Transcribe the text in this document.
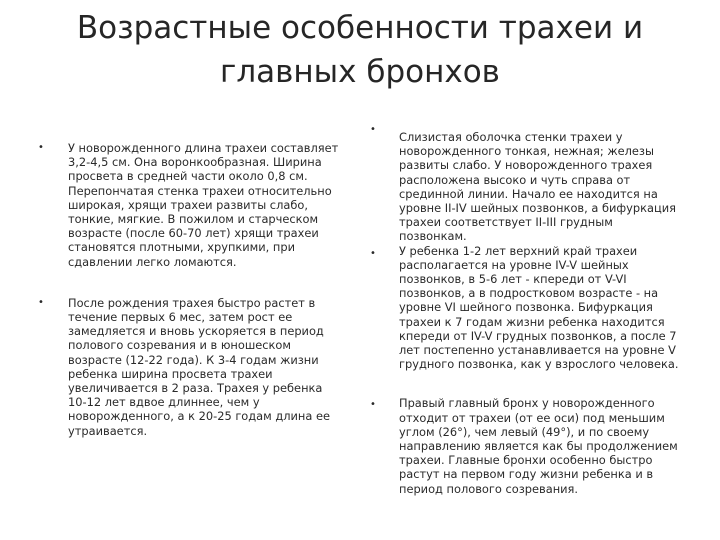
Возрастные особенности трахеи и
главных бронхов
• У новорожденного длина трахеи составляет 3,2-4,5 см. Она воронкообразная. Ширина просвета в средней части около 0,8 см. Перепончатая стенка трахеи относительно широкая, хрящи трахеи развиты слабо, тонкие, мягкие. В пожилом и старческом возрасте (после 60-70 лет) хрящи трахеи становятся плотными, хрупкими, при сдавлении легко ломаются.
• После рождения трахея быстро растет в течение первых 6 мес, затем рост ее замедляется и вновь ускоряется в период полового созревания и в юношеском возрасте (12-22 года). К 3-4 годам жизни ребенка ширина просвета трахеи увеличивается в 2 раза. Трахея у ребенка 10-12 лет вдвое длиннее, чем у новорожденного, а к 20-25 годам длина ее утраивается.
•
Слизистая оболочка стенки трахеи у новорожденного тонкая, нежная; железы развиты слабо. У новорожденного трахея расположена высоко и чуть справа от срединной линии. Начало ее находится на уровне II-IV шейных позвонков, а бифуркация трахеи соответствует II-III грудным позвонкам.
• У ребенка 1-2 лет верхний край трахеи располагается на уровне IV-V шейных позвонков, в 5-6 лет - кпереди от V-VI позвонков, а в подростковом возрасте - на уровне VI шейного позвонка. Бифуркация трахеи к 7 годам жизни ребенка находится кпереди от IV-V грудных позвонков, а после 7 лет постепенно устанавливается на уровне V грудного позвонка, как у взрослого человека.
• Правый главный бронх у новорожденного отходит от трахеи (от ее оси) под меньшим углом (26°), чем левый (49°), и по своему направлению является как бы продолжением трахеи. Главные бронхи особенно быстро растут на первом году жизни ребенка и в период полового созревания.
